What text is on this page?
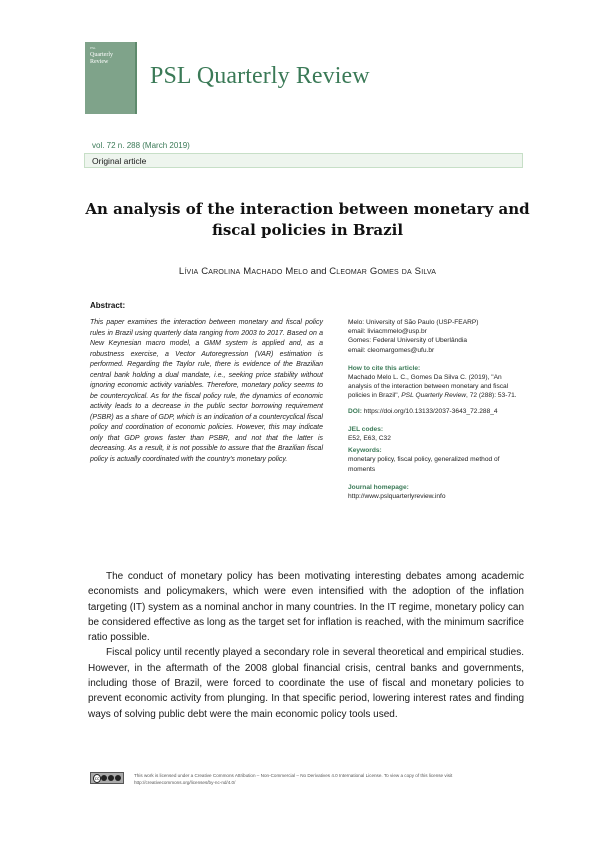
PSL
Quarterly Review
PSL Quarterly Review
vol. 72 n. 288 (March 2019)
Original article
An analysis of the interaction between monetary and fiscal policies in Brazil
Lívia Carolina Machado Melo and Cleomar Gomes da Silva
Abstract:
This paper examines the interaction between monetary and fiscal policy rules in Brazil using quarterly data ranging from 2003 to 2017. Based on a New Keynesian macro model, a GMM system is applied and, as a robustness exercise, a Vector Autoregression (VAR) estimation is performed. Regarding the Taylor rule, there is evidence of the Brazilian central bank holding a dual mandate, i.e., seeking price stability without ignoring economic activity variables. Therefore, monetary policy seems to be countercyclical. As for the fiscal policy rule, the dynamics of economic activity leads to a decrease in the public sector borrowing requirement (PSBR) as a share of GDP, which is an indication of a countercyclical fiscal policy and coordination of economic policies. However, this may indicate only that GDP grows faster than PSBR, and not that the latter is decreasing. As a result, it is not possible to assure that the Brazilian fiscal policy is actually coordinated with the country's monetary policy.
Melo: University of São Paulo (USP-FEARP)
email: liviacmmelo@usp.br
Gomes: Federal University of Uberlândia
email: cleomargomes@ufu.br
How to cite this article:
Machado Melo L. C., Gomes Da Silva C. (2019), "An analysis of the interaction between monetary and fiscal policies in Brazil", PSL Quarterly Review, 72 (288): 53-71.
DOI: https://doi.org/10.13133/2037-3643_72.288_4
JEL codes:
E52, E63, C32
Keywords:
monetary policy, fiscal policy, generalized method of moments
Journal homepage:
http://www.pslquarterlyreview.info

The conduct of monetary policy has been motivating interesting debates among academic economists and policymakers, which were even intensified with the adoption of the inflation targeting (IT) system as a nominal anchor in many countries. In the IT regime, monetary policy can be considered effective as long as the target set for inflation is reached, with the minimum sacrifice ratio possible.

Fiscal policy until recently played a secondary role in several theoretical and empirical studies. However, in the aftermath of the 2008 global financial crisis, central banks and governments, including those of Brazil, were forced to coordinate the use of fiscal and monetary policies to prevent economic activity from plunging. In that specific period, lowering interest rates and finding ways of solving public debt were the main economic policy tools used.

cc	This work is licensed under a Creative Commons Attribution – Non-Commercial – No Derivatives 4.0 International License. To view a copy of this license visit http://creativecommons.org/licenses/by-nc-nd/4.0/
